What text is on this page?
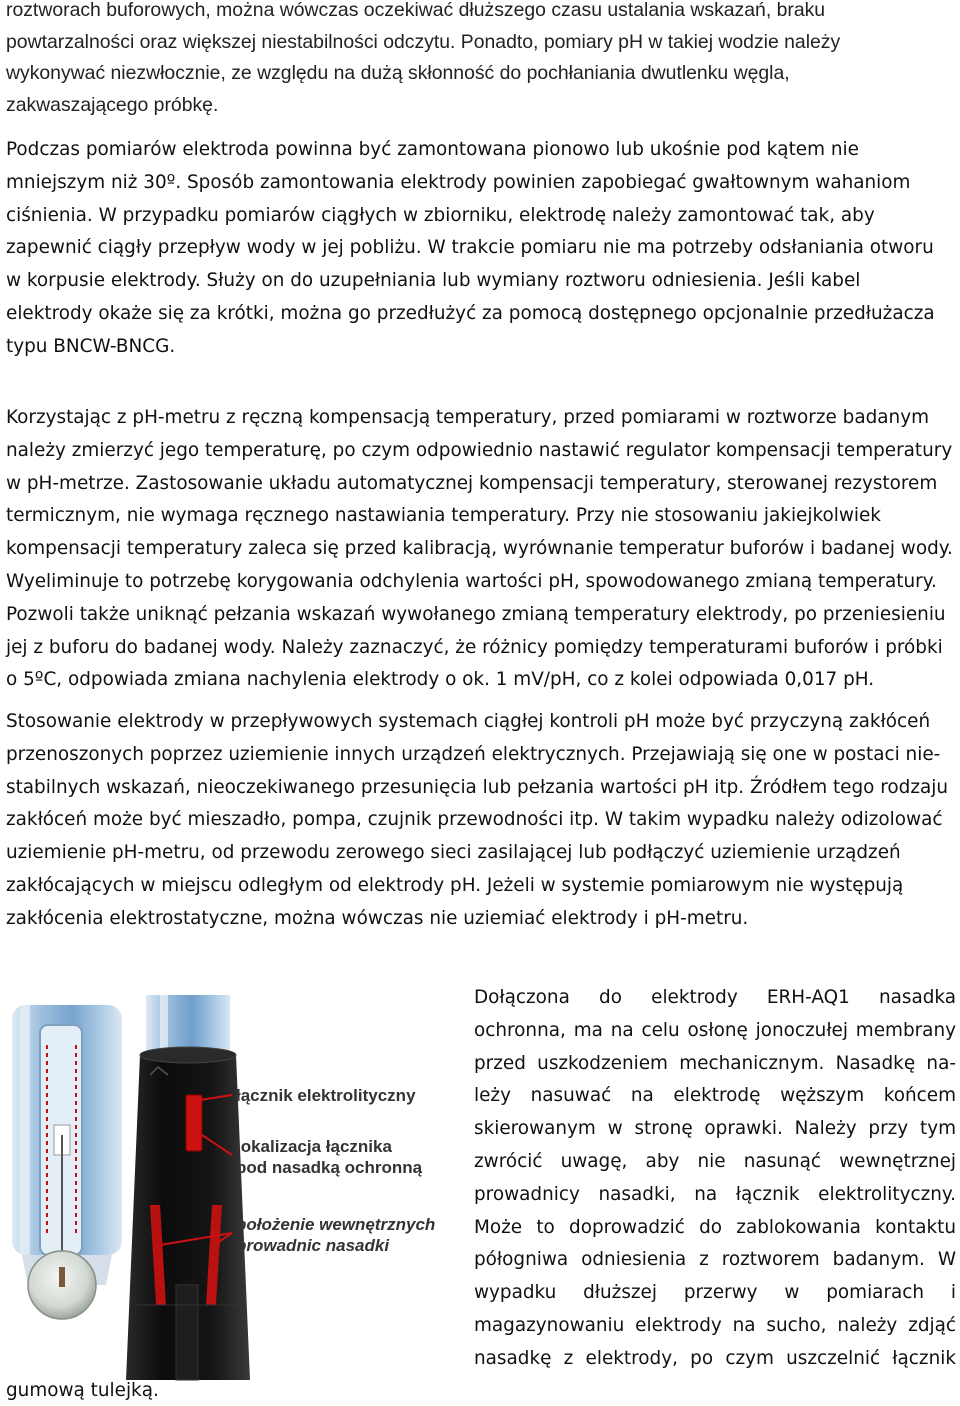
roztworach buforowych, można wówczas oczekiwać dłuższego czasu ustalania wskazań, braku
powtarzalności oraz większej niestabilności odczytu. Ponadto, pomiary pH w takiej wodzie należy
wykonywać niezwłocznie, ze względu na dużą skłonność do pochłaniania dwutlenku węgla,
zakwaszającego próbkę.
Podczas pomiarów elektroda powinna być zamontowana pionowo lub ukośnie pod kątem nie
mniejszym niż 30º. Sposób zamontowania elektrody powinien zapobiegać gwałtownym wahaniom
ciśnienia. W przypadku pomiarów ciągłych w zbiorniku, elektrodę należy zamontować tak, aby
zapewnić ciągły przepływ wody w jej pobliżu. W trakcie pomiaru nie ma potrzeby odsłaniania otworu
w korpusie elektrody. Służy on do uzupełniania lub wymiany roztworu odniesienia. Jeśli kabel
elektrody okaże się za krótki, można go przedłużyć za pomocą dostępnego opcjonalnie przedłużacza
typu BNCW-BNCG.
Korzystając z pH-metru z ręczną kompensacją temperatury, przed pomiarami w roztworze badanym
należy zmierzyć jego temperaturę, po czym odpowiednio nastawić regulator kompensacji temperatury
w pH-metrze. Zastosowanie układu automatycznej kompensacji temperatury, sterowanej rezystorem
termicznym, nie wymaga ręcznego nastawiania temperatury. Przy nie stosowaniu jakiejkolwiek
kompensacji temperatury zaleca się przed kalibracją, wyrównanie temperatur buforów i badanej wody.
Wyeliminuje to potrzebę korygowania odchylenia wartości pH, spowodowanego zmianą temperatury.
Pozwoli także uniknąć pełzania wskazań wywołanego zmianą temperatury elektrody, po przeniesieniu
jej z buforu do badanej wody. Należy zaznaczyć, że różnicy pomiędzy temperaturami buforów i próbki
o 5ºC, odpowiada zmiana nachylenia elektrody o ok. 1 mV/pH, co z kolei odpowiada 0,017 pH.
Stosowanie elektrody w przepływowych systemach ciągłej kontroli pH może być przyczyną zakłóceń
przenoszonych poprzez uziemienie innych urządzeń elektrycznych. Przejawiają się one w postaci nie-
stabilnych wskazań, nieoczekiwanego przesunięcia lub pełzania wartości pH itp. Źródłem tego rodzaju
zakłóceń może być mieszadło, pompa, czujnik przewodności itp. W takim wypadku należy odizolować
uziemienie pH-metru, od przewodu zerowego sieci zasilającej lub podłączyć uziemienie urządzeń
zakłócających w miejscu odległym od elektrody pH. Jeżeli w systemie pomiarowym nie występują
zakłócenia elektrostatyczne, można wówczas nie uziemiać elektrody i pH-metru.
łącznik elektrolityczny
lokalizacja łącznika
pod nasadką ochronną
położenie wewnętrznych
prowadnic nasadki
Dołączona do elektrody ERH-AQ1 nasadka
ochronna, ma na celu osłonę jonoczułej membrany
przed uszkodzeniem mechanicznym. Nasadkę na-
leży nasuwać na elektrodę węższym końcem
skierowanym w stronę oprawki. Należy przy tym
zwrócić uwagę, aby nie nasunąć wewnętrznej
prowadnicy nasadki, na łącznik elektrolityczny.
Może to doprowadzić do zablokowania kontaktu
półogniwa odniesienia z roztworem badanym. W
wypadku dłuższej przerwy w pomiarach i
magazynowaniu elektrody na sucho, należy zdjąć
nasadkę z elektrody, po czym uszczelnić łącznik
gumową tulejką.
